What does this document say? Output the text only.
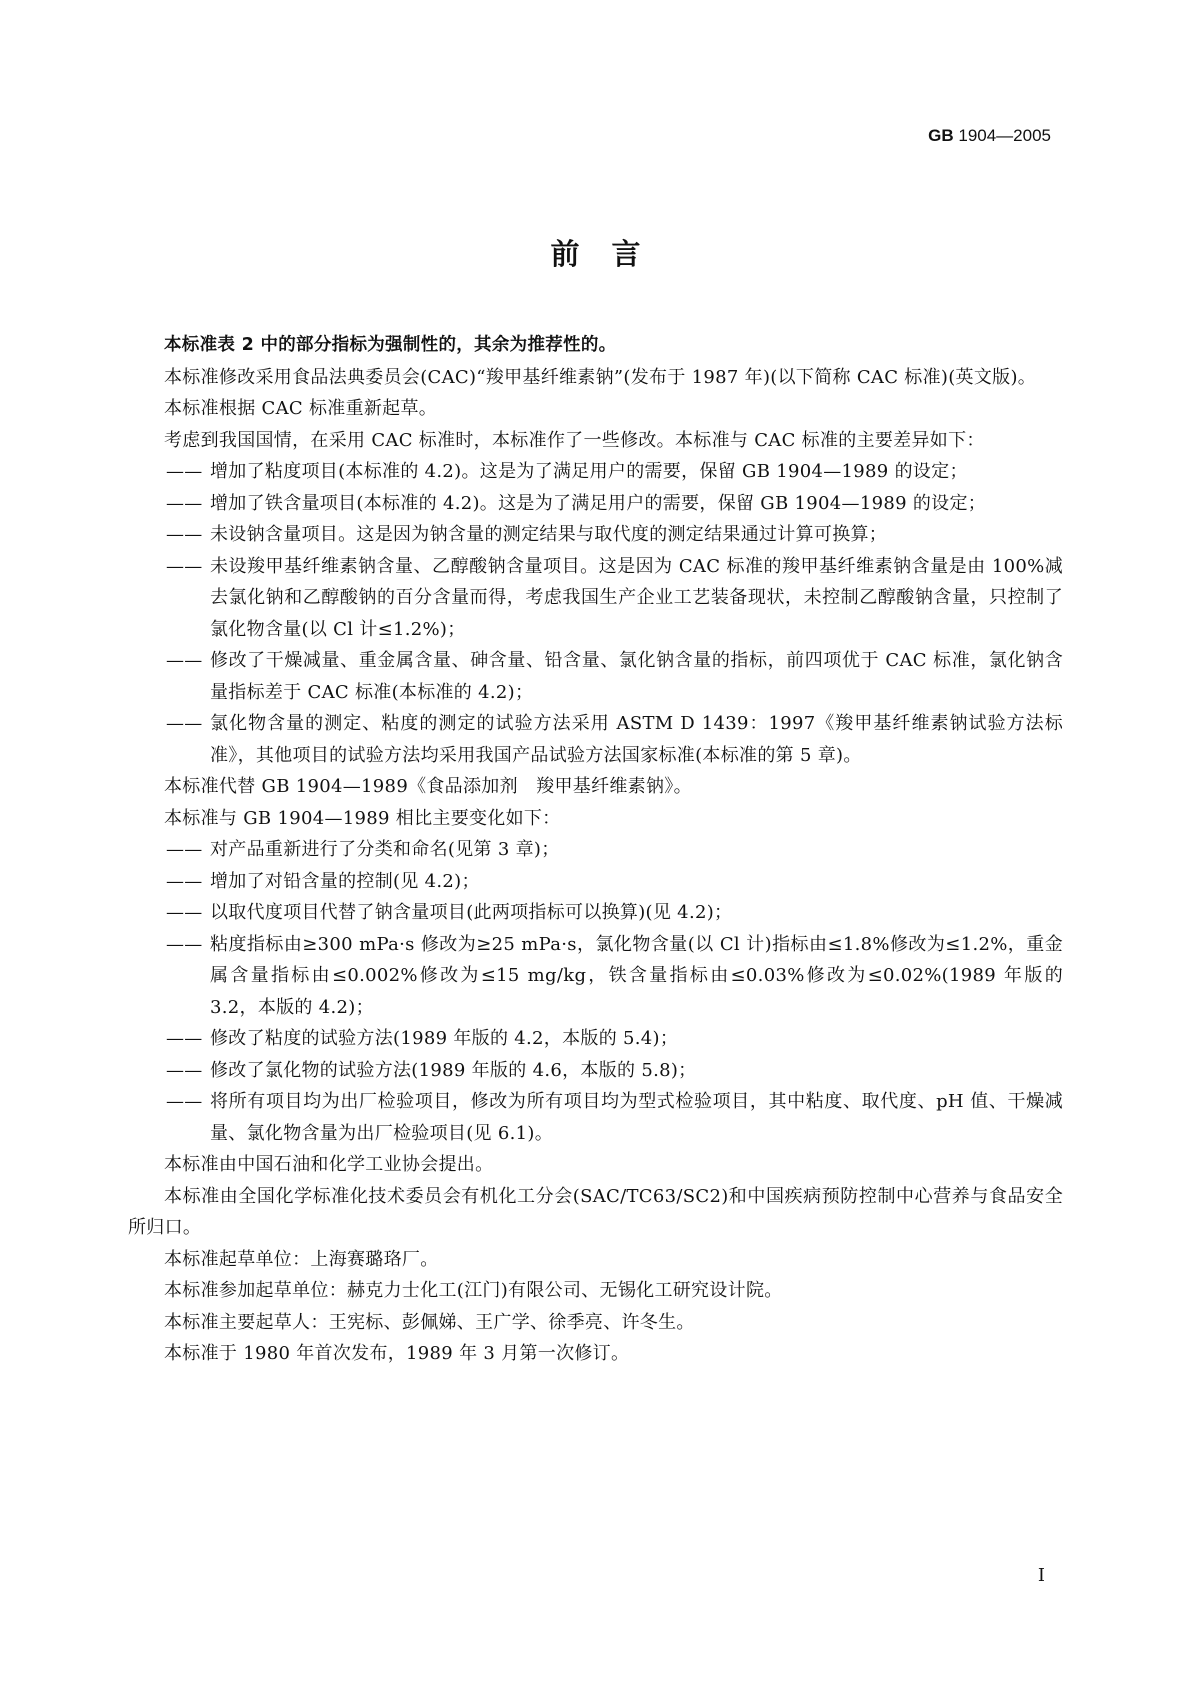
GB 1904—2005
前言

本标准表 2 中的部分指标为强制性的，其余为推荐性的。

本标准修改采用食品法典委员会(CAC)“羧甲基纤维素钠”(发布于 1987 年)(以下简称 CAC 标准)(英文版)。

本标准根据 CAC 标准重新起草。

考虑到我国国情，在采用 CAC 标准时，本标准作了一些修改。本标准与 CAC 标准的主要差异如下：

—— 增加了粘度项目(本标准的 4.2)。这是为了满足用户的需要，保留 GB 1904—1989 的设定；

—— 增加了铁含量项目(本标准的 4.2)。这是为了满足用户的需要，保留 GB 1904—1989 的设定；

—— 未设钠含量项目。这是因为钠含量的测定结果与取代度的测定结果通过计算可换算；

—— 未设羧甲基纤维素钠含量、乙醇酸钠含量项目。这是因为 CAC 标准的羧甲基纤维素钠含量是由 100%减去氯化钠和乙醇酸钠的百分含量而得，考虑我国生产企业工艺装备现状，未控制乙醇酸钠含量，只控制了氯化物含量(以 Cl 计≤1.2%)；

—— 修改了干燥减量、重金属含量、砷含量、铅含量、氯化钠含量的指标，前四项优于 CAC 标准，氯化钠含量指标差于 CAC 标准(本标准的 4.2)；

—— 氯化物含量的测定、粘度的测定的试验方法采用 ASTM D 1439：1997《羧甲基纤维素钠试验方法标准》，其他项目的试验方法均采用我国产品试验方法国家标准(本标准的第 5 章)。

本标准代替 GB 1904—1989《食品添加剂　羧甲基纤维素钠》。

本标准与 GB 1904—1989 相比主要变化如下：

—— 对产品重新进行了分类和命名(见第 3 章)；

—— 增加了对铅含量的控制(见 4.2)；

—— 以取代度项目代替了钠含量项目(此两项指标可以换算)(见 4.2)；

—— 粘度指标由≥300 mPa·s 修改为≥25 mPa·s，氯化物含量(以 Cl 计)指标由≤1.8%修改为≤1.2%，重金属含量指标由≤0.002%修改为≤15 mg/kg，铁含量指标由≤0.03%修改为≤0.02%(1989 年版的 3.2，本版的 4.2)；

—— 修改了粘度的试验方法(1989 年版的 4.2，本版的 5.4)；

—— 修改了氯化物的试验方法(1989 年版的 4.6，本版的 5.8)；

—— 将所有项目均为出厂检验项目，修改为所有项目均为型式检验项目，其中粘度、取代度、pH 值、干燥减量、氯化物含量为出厂检验项目(见 6.1)。

本标准由中国石油和化学工业协会提出。

本标准由全国化学标准化技术委员会有机化工分会(SAC/TC63/SC2)和中国疾病预防控制中心营养与食品安全所归口。

本标准起草单位：上海赛璐珞厂。

本标准参加起草单位：赫克力士化工(江门)有限公司、无锡化工研究设计院。

本标准主要起草人：王宪标、彭佩娣、王广学、徐季亮、许冬生。

本标准于 1980 年首次发布，1989 年 3 月第一次修订。

I
